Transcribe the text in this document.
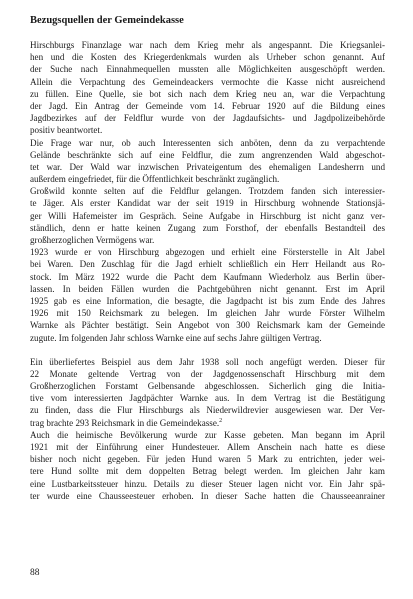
Bezugsquellen der Gemeindekasse
Hirschburgs Finanzlage war nach dem Krieg mehr als angespannt. Die Kriegsanlei-
hen und die Kosten des Kriegerdenkmals wurden als Urheber schon genannt. Auf
der Suche nach Einnahmequellen mussten alle Möglichkeiten ausgeschöpft werden.
Allein die Verpachtung des Gemeindeackers vermochte die Kasse nicht ausreichend
zu füllen. Eine Quelle, sie bot sich nach dem Krieg neu an, war die Verpachtung
der Jagd. Ein Antrag der Gemeinde vom 14. Februar 1920 auf die Bildung eines
Jagdbezirkes auf der Feldflur wurde von der Jagdaufsichts- und Jagdpolizeibehörde
positiv beantwortet.
Die Frage war nur, ob auch Interessenten sich anböten, denn da zu verpachtende
Gelände beschränkte sich auf eine Feldflur, die zum angrenzenden Wald abgeschot-
tet war. Der Wald war inzwischen Privateigentum des ehemaligen Landesherrn und
außerdem eingefriedet, für die Öffentlichkeit beschränkt zugänglich.
Großwild konnte selten auf die Feldflur gelangen. Trotzdem fanden sich interessier-
te Jäger. Als erster Kandidat war der seit 1919 in Hirschburg wohnende Stationsjä-
ger Willi Hafemeister im Gespräch. Seine Aufgabe in Hirschburg ist nicht ganz ver-
ständlich, denn er hatte keinen Zugang zum Forsthof, der ebenfalls Bestandteil des
großherzoglichen Vermögens war.
1923 wurde er von Hirschburg abgezogen und erhielt eine Försterstelle in Alt Jabel
bei Waren. Den Zuschlag für die Jagd erhielt schließlich ein Herr Heilandt aus Ro-
stock. Im März 1922 wurde die Pacht dem Kaufmann Wiederholz aus Berlin über-
lassen. In beiden Fällen wurden die Pachtgebühren nicht genannt. Erst im April
1925 gab es eine Information, die besagte, die Jagdpacht ist bis zum Ende des Jahres
1926 mit 150 Reichsmark zu belegen. Im gleichen Jahr wurde Förster Wilhelm
Warnke als Pächter bestätigt. Sein Angebot von 300 Reichsmark kam der Gemeinde
zugute. Im folgenden Jahr schloss Warnke eine auf sechs Jahre gültigen Vertrag.
Ein überliefertes Beispiel aus dem Jahr 1938 soll noch angefügt werden. Dieser für
22 Monate geltende Vertrag von der Jagdgenossenschaft Hirschburg mit dem
Großherzoglichen Forstamt Gelbensande abgeschlossen. Sicherlich ging die Initia-
tive vom interessierten Jagdpächter Warnke aus. In dem Vertrag ist die Bestätigung
zu finden, dass die Flur Hirschburgs als Niederwildrevier ausgewiesen war. Der Ver-
trag brachte 293 Reichsmark in die Gemeindekasse.$^2$
Auch die heimische Bevölkerung wurde zur Kasse gebeten. Man begann im April
1921 mit der Einführung einer Hundesteuer. Allem Anschein nach hatte es diese
bisher noch nicht gegeben. Für jeden Hund waren 5 Mark zu entrichten, jeder wei-
tere Hund sollte mit dem doppelten Betrag belegt werden. Im gleichen Jahr kam
eine Lustbarkeitssteuer hinzu. Details zu dieser Steuer lagen nicht vor. Ein Jahr spä-
ter wurde eine Chausseesteuer erhoben. In dieser Sache hatten die Chausseeanrainer
88
